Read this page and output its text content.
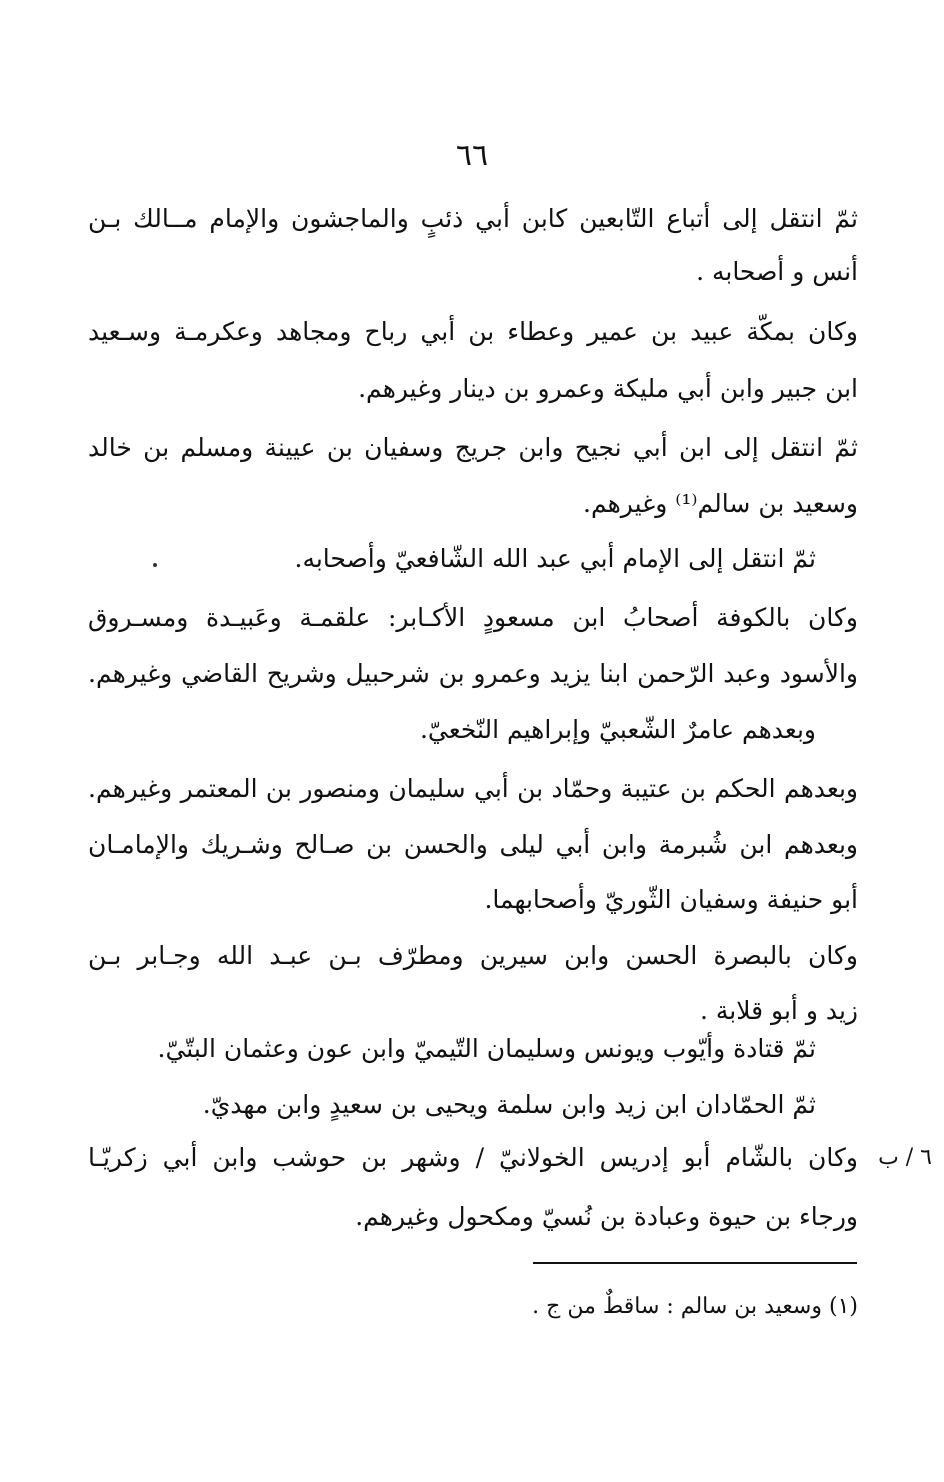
٦٦
ثمّ انتقل إلى أتباع التّابعين كابن أبي ذئبٍ والماجشون والإمام مــالك بـن
أنس و أصحابه .
وكان بمكّة عبيد بن عمير وعطاء بن أبي رباح ومجاهد وعكرمـة وسـعيد
ابن جبير وابن أبي مليكة وعمرو بن دينار وغيرهم.
ثمّ انتقل إلى ابن أبي نجيح وابن جريج وسفيان بن عيينة ومسلم بن خالد
وسعيد بن سالم⁽¹⁾ وغيرهم.
ثمّ انتقل إلى الإمام أبي عبد الله الشّافعيّ وأصحابه.
وكان بالكوفة أصحابُ ابن مسعودٍ الأكـابر: علقمـة وعَبيـدة ومسـروق
والأسود وعبد الرّحمن ابنا يزيد وعمرو بن شرحبيل وشريح القاضي وغيرهم.
وبعدهم عامرٌ الشّعبيّ وإبراهيم النّخعيّ.
وبعدهم الحكم بن عتيبة وحمّاد بن أبي سليمان ومنصور بن المعتمر وغيرهم.
وبعدهم ابن شُبرمة وابن أبي ليلى والحسن بن صـالح وشـريك والإمامـان
أبو حنيفة وسفيان الثّوريّ وأصحابهما.
وكان بالبصرة الحسن وابن سيرين ومطرّف بـن عبـد الله وجـابر بـن
زيد و أبو قلابة .
ثمّ قتادة وأيّوب ويونس وسليمان التّيميّ وابن عون وعثمان البتّيّ.
ثمّ الحمّادان ابن زيد وابن سلمة ويحيى بن سعيدٍ وابن مهديّ.
وكان بالشّام أبو إدريس الخولانيّ / وشهر بن حوشب وابن أبي زكريّـا
ورجاء بن حيوة وعبادة بن نُسيّ ومكحول وغيرهم.
٦ / ب
(١) وسعيد بن سالم : ساقطٌ من ج .
